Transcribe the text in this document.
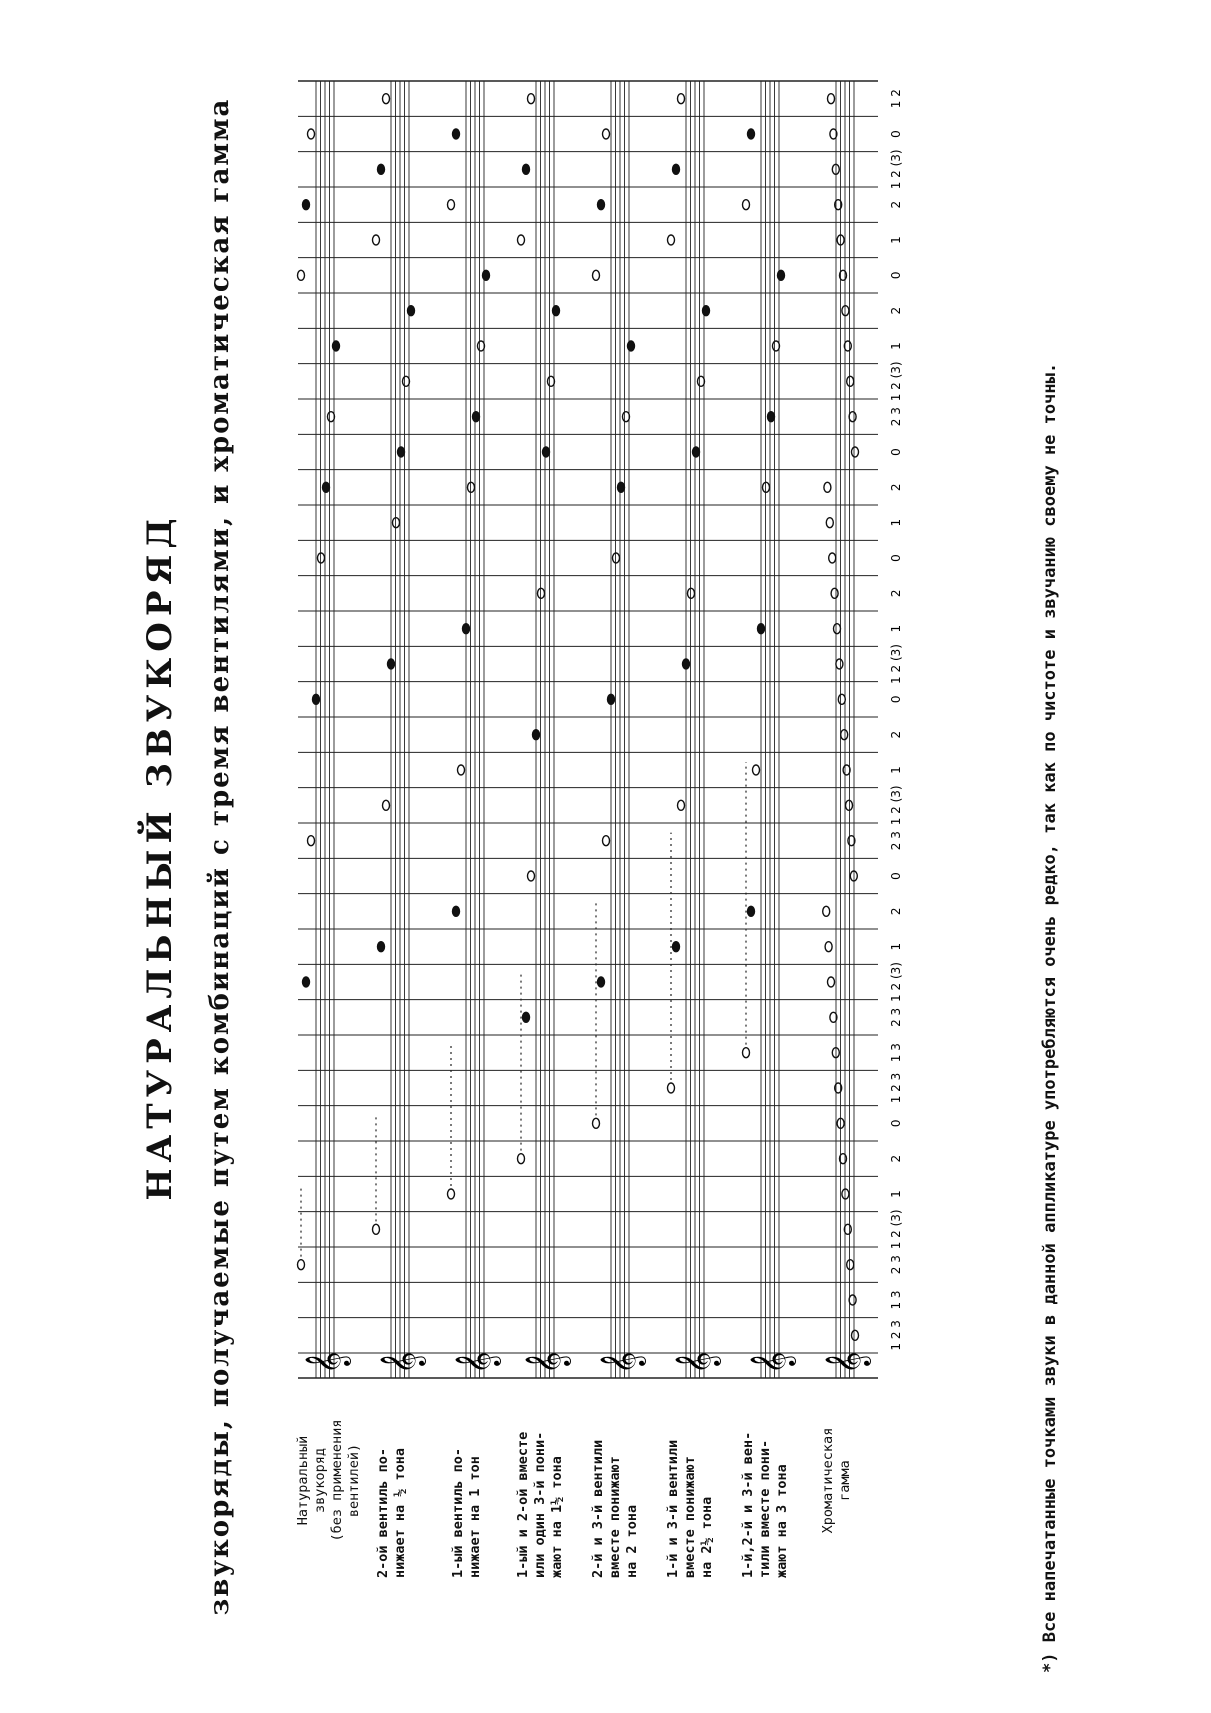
НАТУРАЛЬНЫЙ ЗВУКОРЯД звукоряды, получаемые путем комбинаций с тремя вентилями, и хроматическая гамма	Натуральный звукоряд (без применения вентилей) 2-ой вентиль по- нижает на ½ тона	1-ый вентиль по- нижает на 1 тон 1-ый и 2-ой вместе или один 3-й пони- жают на 1½ тона 2-й и 3-й вентили вместе понижают на 2 тона 1-й и 3-й вентили вместе понижают на 2½ тона 1-й,2-й и 3-й вен- тили вместе пони- жают на 3 тона Хроматическая гамма
𝄞 𝄞 𝄞 𝄞 𝄞 𝄞 𝄞 𝄞
1 2 3
1 3
2 3
1 2 (3)
1
2
0
1 2 3
1 3
2 3
1 2 (3)
1
2
0
2 3
1 2 (3)
1
2
0
1 2 (3)
1
2
0
1
2
0
2 3
1 2 (3)
1
2
0
1
2
1 2 (3)
0
1 2
*) Все напечатанные точками звуки в данной аппликатуре употребляются очень редко, так как по чистоте и звучанию своему не точны.
